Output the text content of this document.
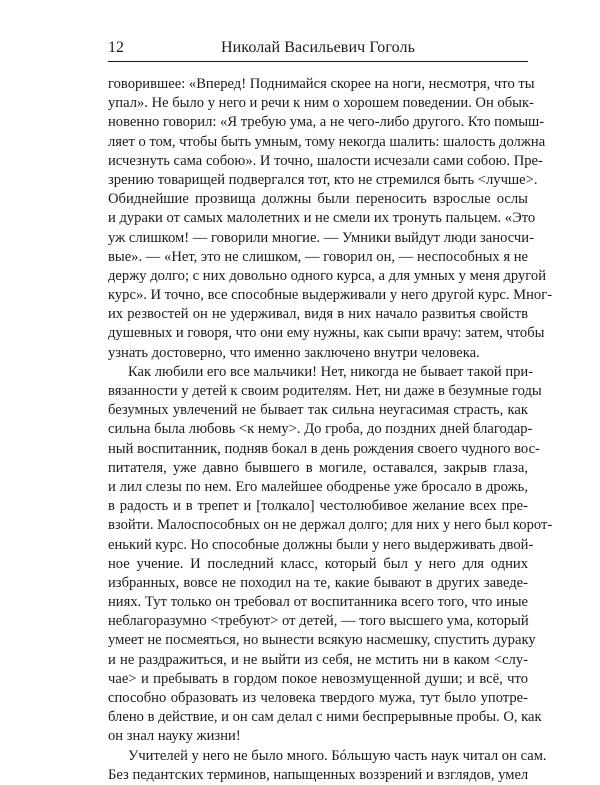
12	Николай Васильевич Гоголь
говорившее: «Вперед! Поднимайся скорее на ноги, несмотря, что ты
упал». Не было у него и речи к ним о хорошем поведении. Он обык-
новенно говорил: «Я требую ума, а не чего-либо другого. Кто помыш-
ляет о том, чтобы быть умным, тому некогда шалить: шалость должна
исчезнуть сама собою». И точно, шалости исчезали сами собою. Пре-
зрению товарищей подвергался тот, кто не стремился быть <лучше>.
Обиднейшие прозвища должны были переносить взрослые ослы
и дураки от самых малолетних и не смели их тронуть пальцем. «Это
уж слишком! — говорили многие. — Умники выйдут люди заносчи-
вые». — «Нет, это не слишком, — говорил он, — неспособных я не
держу долго; с них довольно одного курса, а для умных у меня другой
курс». И точно, все способные выдерживали у него другой курс. Мног-
их резвостей он не удерживал, видя в них начало развитья свойств
душевных и говоря, что они ему нужны, как сыпи врачу: затем, чтобы
узнать достоверно, что именно заключено внутри человека.
Как любили его все мальчики! Нет, никогда не бывает такой при-
вязанности у детей к своим родителям. Нет, ни даже в безумные годы
безумных увлечений не бывает так сильна неугасимая страсть, как
сильна была любовь <к нему>. До гроба, до поздних дней благодар-
ный воспитанник, подняв бокал в день рождения своего чудного вос-
питателя, уже давно бывшего в могиле, оставался, закрыв глаза,
и лил слезы по нем. Его малейшее ободренье уже бросало в дрожь,
в радость и в трепет и [толкало] честолюбивое желание всех пре-
взойти. Малоспособных он не держал долго; для них у него был корот-
енький курс. Но способные должны были у него выдерживать двой-
ное учение. И последний класс, который был у него для одних
избранных, вовсе не походил на те, какие бывают в других заведе-
ниях. Тут только он требовал от воспитанника всего того, что иные
неблагоразумно <требуют> от детей, — того высшего ума, который
умеет не посмеяться, но вынести всякую насмешку, спустить дураку
и не раздражиться, и не выйти из себя, не мстить ни в каком <слу-
чае> и пребывать в гордом покое невозмущенной души; и всё, что
способно образовать из человека твердого мужа, тут было употре-
блено в действие, и он сам делал с ними беспрерывные пробы. О, как
он знал науку жизни!
Учителей у него не было много. Бóльшую часть наук читал он сам.
Без педантских терминов, напыщенных воззрений и взглядов, умел
